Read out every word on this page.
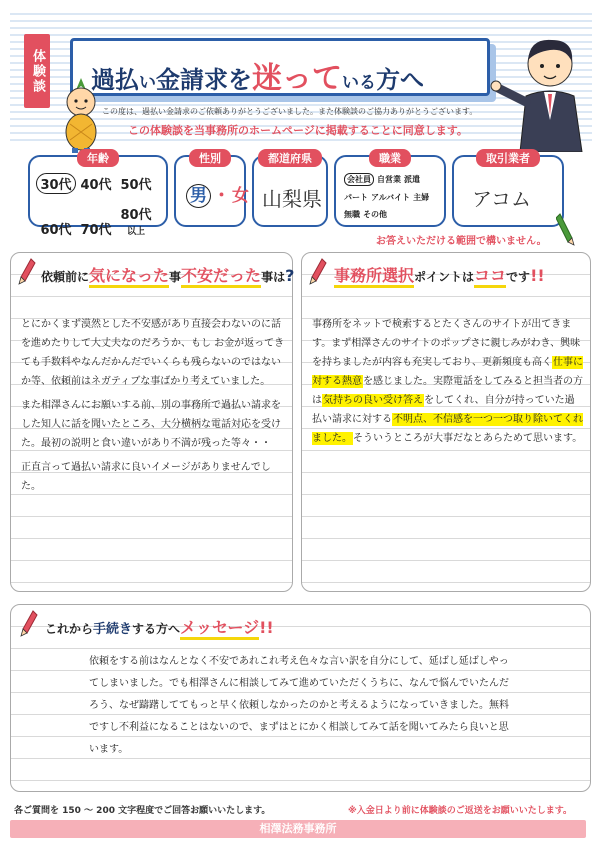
体験談 過払い金請求を迷っている方へ
この度は、過払い金請求のご依頼ありがとうございました。また体験談のご協力ありがとうございます。
この体験談を当事務所のホームページに掲載することに同意します。
年齢
30代 40代 50代60代 70代80代以上
性別
男 ・ 女
都道府県
山梨県
職業
会社員 自営業 派遣パート アルバイト 主婦無職 その他
取引業者
アコム
お答えいただける範囲で構いません。
依頼前に気になった事不安だった事は?

とにかくまず漠然とした不安感があり直接会わないのに話を進めたりして大丈夫なのだろうか、もし お金が返ってきても手数料やなんだかんだでいくらも残らないのではないか等、依頼前はネガティブな事ばかり考えていました。

また相澤さんにお願いする前、別の事務所で過払い請求をした知人に話を聞いたところ、大分横柄な電話対応を受けた。最初の説明と食い違いがあり不満が残った等々・・

正直言って過払い請求に良いイメージがありませんでした。

事務所選択ポイントはココです!!
事務所をネットで検索するとたくさんのサイトが出てきます。まず相澤さんのサイトのポップさに親しみがわき、興味を持ちましたが内容も充実しており、更新頻度も高く仕事に対する熱意を感じました。実際電話をしてみると担当者の方は気持ちの良い受け答えをしてくれ、自分が持っていた過払い請求に対する不明点、不信感を一つ一つ取り除いてくれました。そういうところが大事だなとあらためて思います。
これから手続きする方へメッセージ!!
依頼をする前はなんとなく不安であれこれ考え色々な言い訳を自分にして、延ばし延ばしやってしまいました。でも相澤さんに相談してみて進めていただくうちに、なんで悩んでいたんだろう、なぜ躊躇しててもっと早く依頼しなかったのかと考えるようになっていきました。無料ですし不利益になることはないので、まずはとにかく相談してみて話を聞いてみたら良いと思います。
各ご質問を 150 ～ 200 文字程度でご回答お願いいたします。	※入金日より前に体験談のご返送をお願いいたします。
相澤法務事務所
